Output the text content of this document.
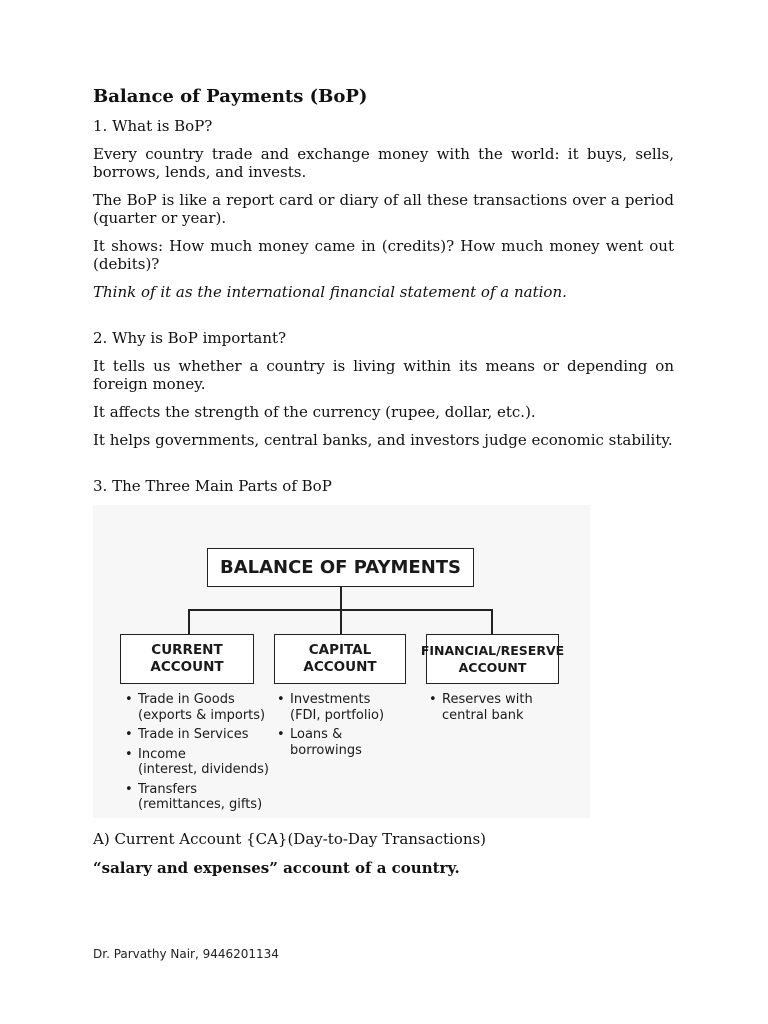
Balance of Payments (BoP)

1. What is BoP?

Every country trade and exchange money with the world: it buys, sells, borrows, lends, and invests.

The BoP is like a report card or diary of all these transactions over a period (quarter or year).

It shows: How much money came in (credits)? How much money went out (debits)?

Think of it as the international financial statement of a nation.

2. Why is BoP important?

It tells us whether a country is living within its means or depending on foreign money.

It affects the strength of the currency (rupee, dollar, etc.).

It helps governments, central banks, and investors judge economic stability.

3. The Three Main Parts of BoP

BALANCE OF PAYMENTS
CURRENT
ACCOUNT
CAPITAL
ACCOUNT
FINANCIAL/RESERVE
ACCOUNT
• Trade in Goods
(exports & imports)
• Trade in Services
• Income
(interest, dividends)
• Transfers
(remittances, gifts)
• Investments
(FDI, portfolio)
• Loans &
borrowings
• Reserves with
central bank

A) Current Account {CA}(Day-to-Day Transactions)

“salary and expenses” account of a country.

Dr. Parvathy Nair, 9446201134
